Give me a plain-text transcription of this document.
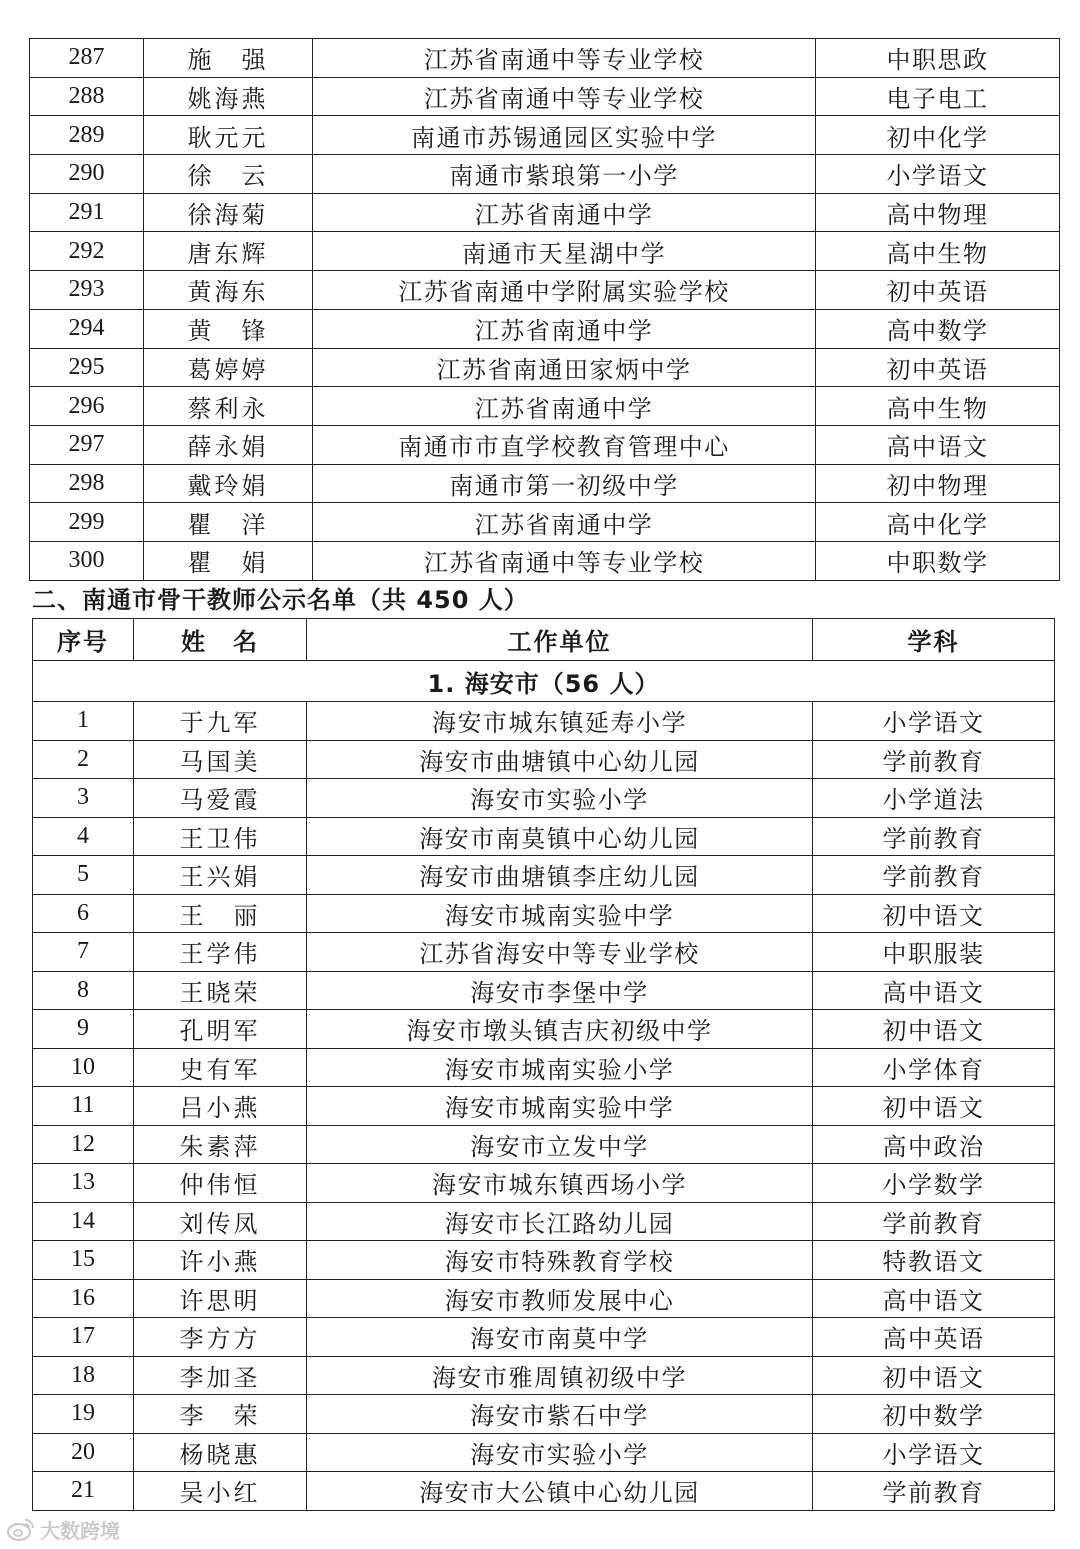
287	施　强	江苏省南通中等专业学校	中职思政
288	姚海燕	江苏省南通中等专业学校	电子电工
289	耿元元	南通市苏锡通园区实验中学	初中化学
290	徐　云	南通市紫琅第一小学	小学语文
291	徐海菊	江苏省南通中学	高中物理
292	唐东辉	南通市天星湖中学	高中生物
293	黄海东	江苏省南通中学附属实验学校	初中英语
294	黄　锋	江苏省南通中学	高中数学
295	葛婷婷	江苏省南通田家炳中学	初中英语
296	蔡利永	江苏省南通中学	高中生物
297	薛永娟	南通市市直学校教育管理中心	高中语文
298	戴玲娟	南通市第一初级中学	初中物理
299	瞿　洋	江苏省南通中学	高中化学
300	瞿　娟	江苏省南通中等专业学校	中职数学
二、南通市骨干教师公示名单（共 450 人）
序号	姓　名	工作单位	学科
1. 海安市（56 人）			
1	于九军	海安市城东镇延寿小学	小学语文
2	马国美	海安市曲塘镇中心幼儿园	学前教育
3	马爱霞	海安市实验小学	小学道法
4	王卫伟	海安市南莫镇中心幼儿园	学前教育
5	王兴娟	海安市曲塘镇李庄幼儿园	学前教育
6	王　丽	海安市城南实验中学	初中语文
7	王学伟	江苏省海安中等专业学校	中职服装
8	王晓荣	海安市李堡中学	高中语文
9	孔明军	海安市墩头镇吉庆初级中学	初中语文
10	史有军	海安市城南实验小学	小学体育
11	吕小燕	海安市城南实验中学	初中语文
12	朱素萍	海安市立发中学	高中政治
13	仲伟恒	海安市城东镇西场小学	小学数学
14	刘传凤	海安市长江路幼儿园	学前教育
15	许小燕	海安市特殊教育学校	特教语文
16	许思明	海安市教师发展中心	高中语文
17	李方方	海安市南莫中学	高中英语
18	李加圣	海安市雅周镇初级中学	初中语文
19	李　荣	海安市紫石中学	初中数学
20	杨晓惠	海安市实验小学	小学语文
21	吴小红	海安市大公镇中心幼儿园	学前教育
大数跨境
